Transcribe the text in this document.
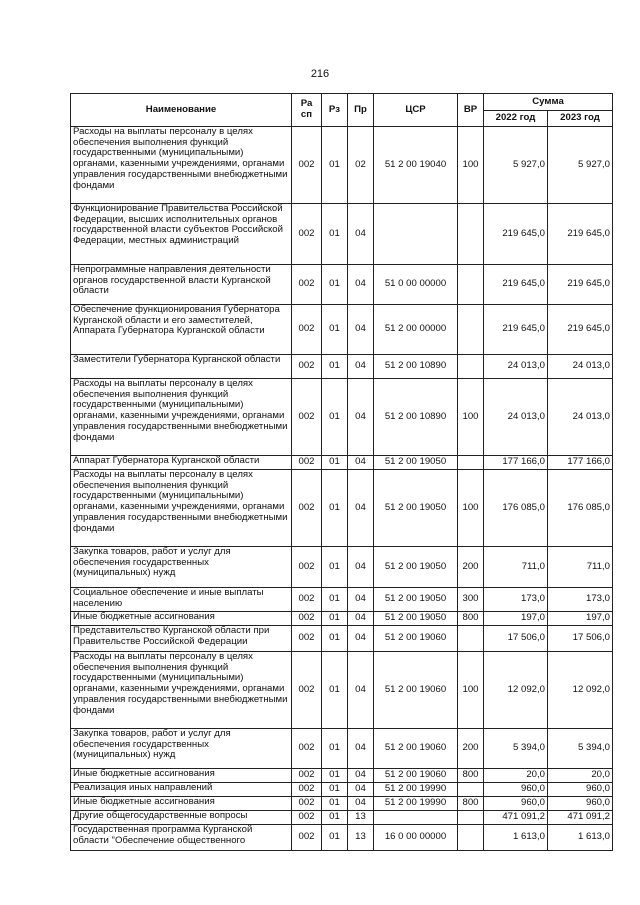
216
Наименование	Ра сп	Рз	Пр	ЦСР	ВР	Сумма	
						2022 год	2023 год
Расходы на выплаты персоналу в целях обеспечения выполнения функций государственными (муниципальными) органами, казенными учреждениями, органами управления государственными внебюджетными фондами	002	01	02	51 2 00 19040	100	5 927,0	5 927,0
Функционирование Правительства Российской Федерации, высших исполнительных органов государственной власти субъектов Российской Федерации, местных администраций	002	01	04			219 645,0	219 645,0
Непрограммные направления деятельности органов государственной власти Курганской области	002	01	04	51 0 00 00000		219 645,0	219 645,0
Обеспечение функционирования Губернатора Курганской области и его заместителей, Аппарата Губернатора Курганской области	002	01	04	51 2 00 00000		219 645,0	219 645,0
Заместители Губернатора Курганской области	002	01	04	51 2 00 10890		24 013,0	24 013,0
Расходы на выплаты персоналу в целях обеспечения выполнения функций государственными (муниципальными) органами, казенными учреждениями, органами управления государственными внебюджетными фондами	002	01	04	51 2 00 10890	100	24 013,0	24 013,0
Аппарат Губернатора Курганской области	002	01	04	51 2 00 19050		177 166,0	177 166,0
Расходы на выплаты персоналу в целях обеспечения выполнения функций государственными (муниципальными) органами, казенными учреждениями, органами управления государственными внебюджетными фондами	002	01	04	51 2 00 19050	100	176 085,0	176 085,0
Закупка товаров, работ и услуг для обеспечения государственных (муниципальных) нужд	002	01	04	51 2 00 19050	200	711,0	711,0
Социальное обеспечение и иные выплаты населению	002	01	04	51 2 00 19050	300	173,0	173,0
Иные бюджетные ассигнования	002	01	04	51 2 00 19050	800	197,0	197,0
Представительство Курганской области при Правительстве Российской Федерации	002	01	04	51 2 00 19060		17 506,0	17 506,0
Расходы на выплаты персоналу в целях обеспечения выполнения функций государственными (муниципальными) органами, казенными учреждениями, органами управления государственными внебюджетными фондами	002	01	04	51 2 00 19060	100	12 092,0	12 092,0
Закупка товаров, работ и услуг для обеспечения государственных (муниципальных) нужд	002	01	04	51 2 00 19060	200	5 394,0	5 394,0
Иные бюджетные ассигнования	002	01	04	51 2 00 19060	800	20,0	20,0
Реализация иных направлений	002	01	04	51 2 00 19990		960,0	960,0
Иные бюджетные ассигнования	002	01	04	51 2 00 19990	800	960,0	960,0
Другие общегосударственные вопросы	002	01	13			471 091,2	471 091,2
Государственная программа Курганской области "Обеспечение общественного	002	01	13	16 0 00 00000		1 613,0	1 613,0
